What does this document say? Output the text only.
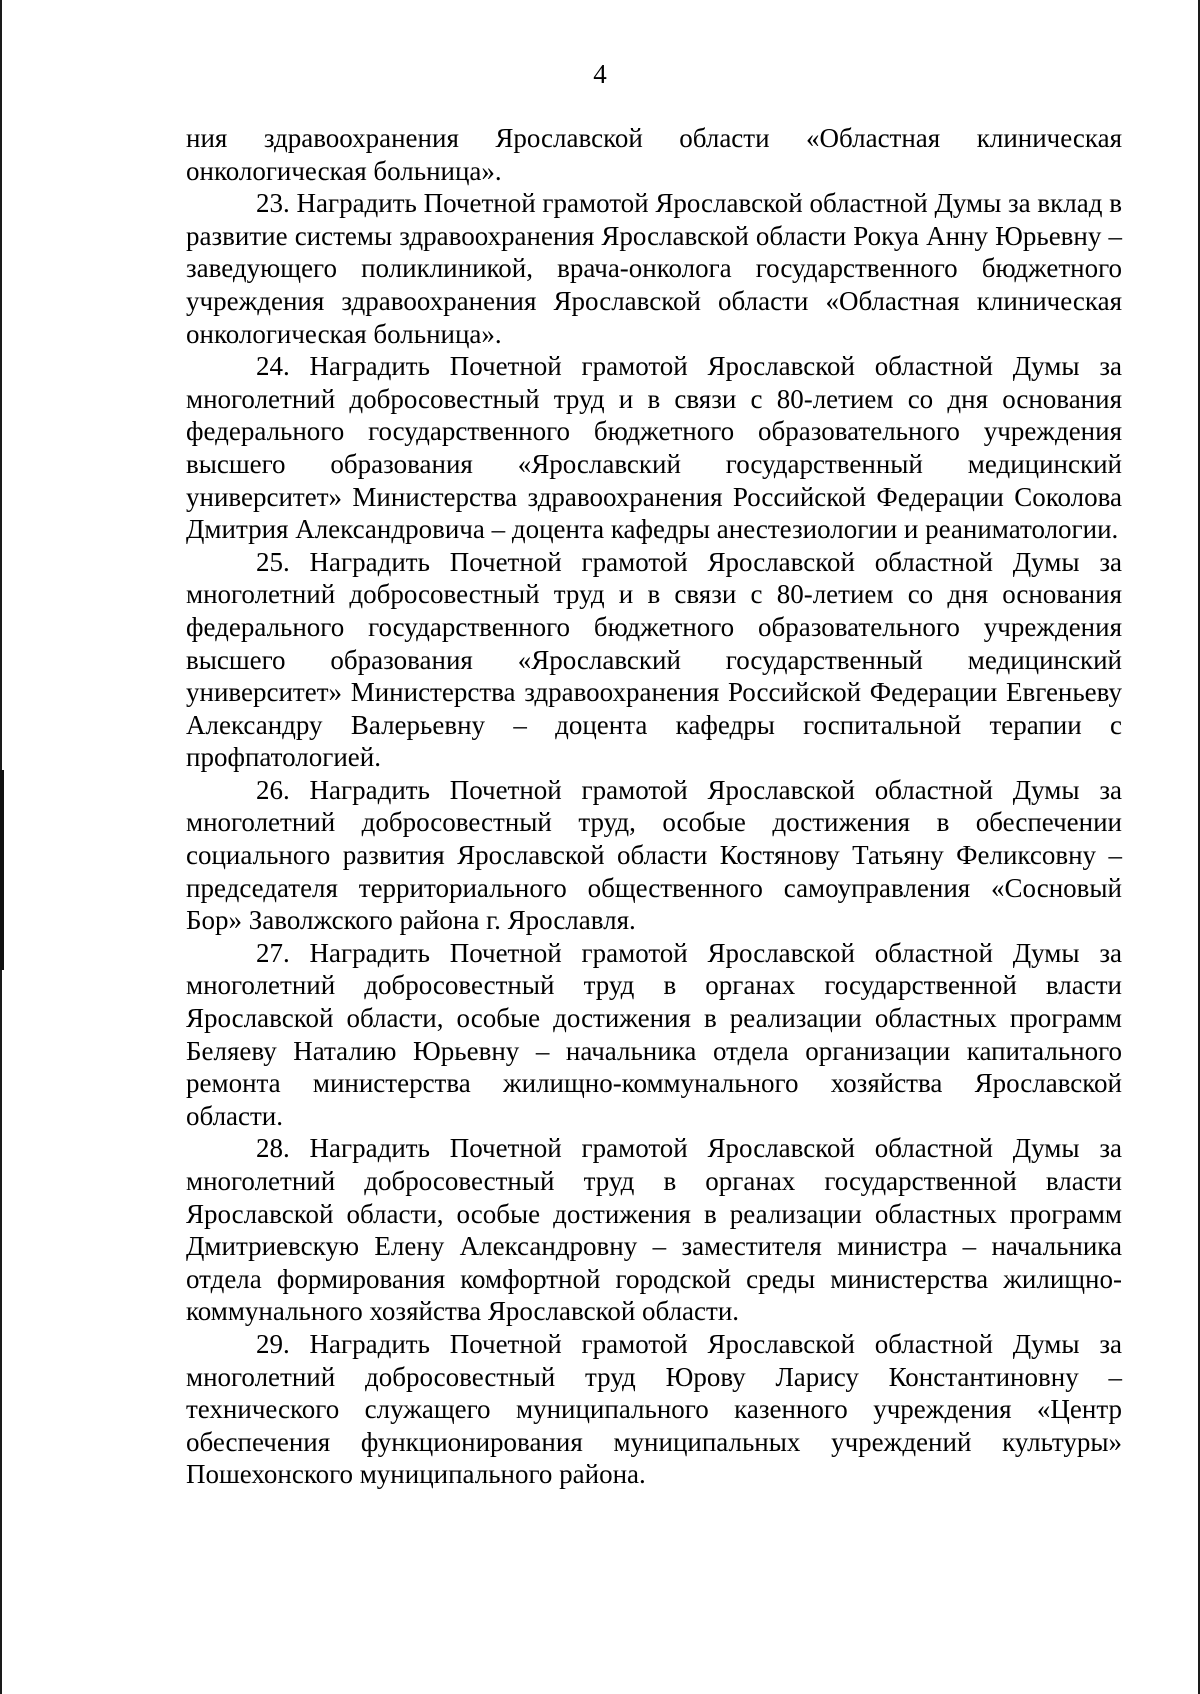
4

ния здравоохранения Ярославской области «Областная клиническая онкологическая больница».

23. Наградить Почетной грамотой Ярославской областной Думы за вклад в развитие системы здравоохранения Ярославской области Рокуа Анну Юрьевну – заведующего поликлиникой, врача-онколога государственного бюджетного учреждения здравоохранения Ярославской области «Областная клиническая онкологическая больница».

24. Наградить Почетной грамотой Ярославской областной Думы за многолетний добросовестный труд и в связи с 80-летием со дня основания федерального государственного бюджетного образовательного учреждения высшего образования «Ярославский государственный медицинский университет» Министерства здравоохранения Российской Федерации Соколова Дмитрия Александровича – доцента кафедры анестезиологии и реаниматологии.

25. Наградить Почетной грамотой Ярославской областной Думы за многолетний добросовестный труд и в связи с 80-летием со дня основания федерального государственного бюджетного образовательного учреждения высшего образования «Ярославский государственный медицинский университет» Министерства здравоохранения Российской Федерации Евгеньеву Александру Валерьевну – доцента кафедры госпитальной терапии с профпатологией.

26. Наградить Почетной грамотой Ярославской областной Думы за многолетний добросовестный труд, особые достижения в обеспечении социального развития Ярославской области Костянову Татьяну Феликсовну – председателя территориального общественного самоуправления «Сосновый Бор» Заволжского района г. Ярославля.

27. Наградить Почетной грамотой Ярославской областной Думы за многолетний добросовестный труд в органах государственной власти Ярославской области, особые достижения в реализации областных программ Беляеву Наталию Юрьевну – начальника отдела организации капитального ремонта министерства жилищно-коммунального хозяйства Ярославской области.

28. Наградить Почетной грамотой Ярославской областной Думы за многолетний добросовестный труд в органах государственной власти Ярославской области, особые достижения в реализации областных программ Дмитриевскую Елену Александровну – заместителя министра – начальника отдела формирования комфортной городской среды министерства жилищно-коммунального хозяйства Ярославской области.

29. Наградить Почетной грамотой Ярославской областной Думы за многолетний добросовестный труд Юрову Ларису Константиновну – технического служащего муниципального казенного учреждения «Центр обеспечения функционирования муниципальных учреждений культуры» Пошехонского муниципального района.
